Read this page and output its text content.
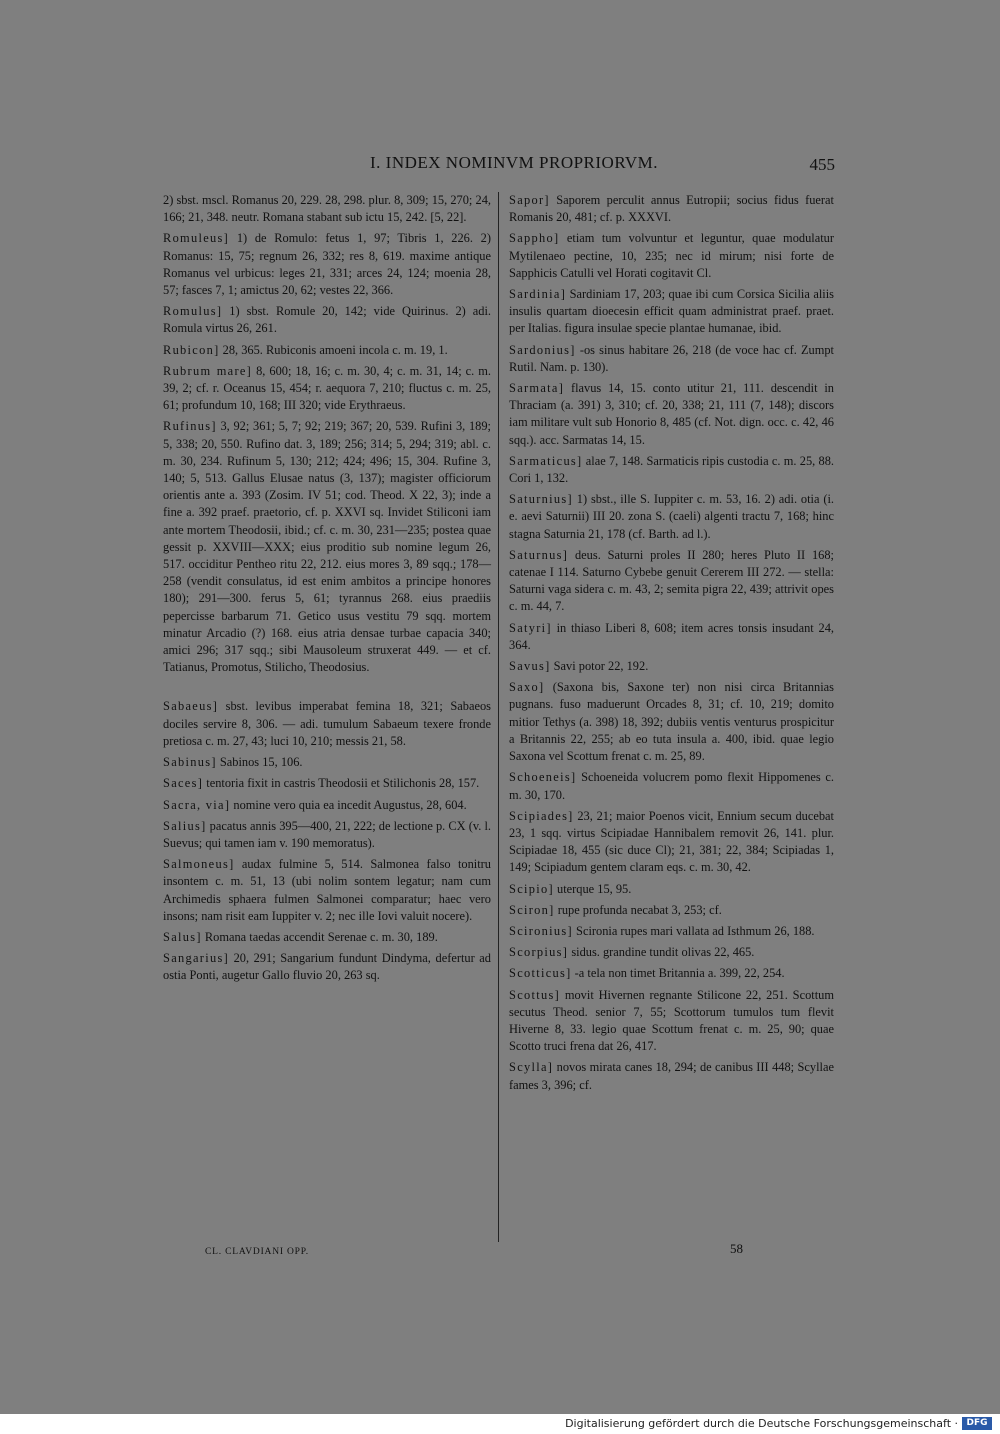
I. INDEX NOMINVM PROPRIORVM.	455
2) sbst. mscl. Romanus 20, 229. 28, 298. plur. 8, 309; 15, 270; 24, 166; 21, 348. neutr. Romana stabant sub ictu 15, 242. [5, 22].
Romuleus] 1) de Romulo: fetus 1, 97; Tibris 1, 226. 2) Romanus: 15, 75; regnum 26, 332; res 8, 619. maxime antique Romanus vel urbicus: leges 21, 331; arces 24, 124; moenia 28, 57; fasces 7, 1; amictus 20, 62; vestes 22, 366.
Romulus] 1) sbst. Romule 20, 142; vide Quirinus. 2) adi. Romula virtus 26, 261.
Rubicon] 28, 365. Rubiconis amoeni incola c. m. 19, 1.
Rubrum mare] 8, 600; 18, 16; c. m. 30, 4; c. m. 31, 14; c. m. 39, 2; cf. r. Oceanus 15, 454; r. aequora 7, 210; fluctus c. m. 25, 61; profundum 10, 168; III 320; vide Erythraeus.
Rufinus] 3, 92; 361; 5, 7; 92; 219; 367; 20, 539. Rufini 3, 189; 5, 338; 20, 550. Rufino dat. 3, 189; 256; 314; 5, 294; 319; abl. c. m. 30, 234. Rufinum 5, 130; 212; 424; 496; 15, 304. Rufine 3, 140; 5, 513. Gallus Elusae natus (3, 137); magister officiorum orientis ante a. 393 (Zosim. IV 51; cod. Theod. X 22, 3); inde a fine a. 392 praef. praetorio, cf. p. XXVI sq. Invidet Stiliconi iam ante mortem Theodosii, ibid.; cf. c. m. 30, 231—235; postea quae gessit p. XXVIII—XXX; eius proditio sub nomine legum 26, 517. occiditur Pentheo ritu 22, 212. eius mores 3, 89 sqq.; 178—258 (vendit consulatus, id est enim ambitos a principe honores 180); 291—300. ferus 5, 61; tyrannus 268. eius praediis pepercisse barbarum 71. Getico usus vestitu 79 sqq. mortem minatur Arcadio (?) 168. eius atria densae turbae capacia 340; amici 296; 317 sqq.; sibi Mausoleum struxerat 449. — et cf. Tatianus, Promotus, Stilicho, Theodosius.
Sabaeus] sbst. levibus imperabat femina 18, 321; Sabaeos dociles servire 8, 306. — adi. tumulum Sabaeum texere fronde pretiosa c. m. 27, 43; luci 10, 210; messis 21, 58.
Sabinus] Sabinos 15, 106.
Saces] tentoria fixit in castris Theodosii et Stilichonis 28, 157.
Sacra, via] nomine vero quia ea incedit Augustus, 28, 604.
Salius] pacatus annis 395—400, 21, 222; de lectione p. CX (v. l. Suevus; qui tamen iam v. 190 memoratus).
Salmoneus] audax fulmine 5, 514. Salmonea falso tonitru insontem c. m. 51, 13 (ubi nolim sontem legatur; nam cum Archimedis sphaera fulmen Salmonei comparatur; haec vero insons; nam risit eam Iuppiter v. 2; nec ille Iovi valuit nocere).
Salus] Romana taedas accendit Serenae c. m. 30, 189.
Sangarius] 20, 291; Sangarium fundunt Dindyma, defertur ad ostia Ponti, augetur Gallo fluvio 20, 263 sq.
Sapor] Saporem perculit annus Eutropii; socius fidus fuerat Romanis 20, 481; cf. p. XXXVI.
Sappho] etiam tum volvuntur et leguntur, quae modulatur Mytilenaeo pectine, 10, 235; nec id mirum; nisi forte de Sapphicis Catulli vel Horati cogitavit Cl.
Sardinia] Sardiniam 17, 203; quae ibi cum Corsica Sicilia aliis insulis quartam dioecesin efficit quam administrat praef. praet. per Italias. figura insulae specie plantae humanae, ibid.
Sardonius] -os sinus habitare 26, 218 (de voce hac cf. Zumpt Rutil. Nam. p. 130).
Sarmata] flavus 14, 15. conto utitur 21, 111. descendit in Thraciam (a. 391) 3, 310; cf. 20, 338; 21, 111 (7, 148); discors iam militare vult sub Honorio 8, 485 (cf. Not. dign. occ. c. 42, 46 sqq.). acc. Sarmatas 14, 15.
Sarmaticus] alae 7, 148. Sarmaticis ripis custodia c. m. 25, 88. Cori 1, 132.
Saturnius] 1) sbst., ille S. Iuppiter c. m. 53, 16. 2) adi. otia (i. e. aevi Saturnii) III 20. zona S. (caeli) algenti tractu 7, 168; hinc stagna Saturnia 21, 178 (cf. Barth. ad l.).
Saturnus] deus. Saturni proles II 280; heres Pluto II 168; catenae I 114. Saturno Cybebe genuit Cererem III 272. — stella: Saturni vaga sidera c. m. 43, 2; semita pigra 22, 439; attrivit opes c. m. 44, 7.
Satyri] in thiaso Liberi 8, 608; item acres tonsis insudant 24, 364.
Savus] Savi potor 22, 192.
Saxo] (Saxona bis, Saxone ter) non nisi circa Britannias pugnans. fuso maduerunt Orcades 8, 31; cf. 10, 219; domito mitior Tethys (a. 398) 18, 392; dubiis ventis venturus prospicitur a Britannis 22, 255; ab eo tuta insula a. 400, ibid. quae legio Saxona vel Scottum frenat c. m. 25, 89.
Schoeneis] Schoeneida volucrem pomo flexit Hippomenes c. m. 30, 170.
Scipiades] 23, 21; maior Poenos vicit, Ennium secum ducebat 23, 1 sqq. virtus Scipiadae Hannibalem removit 26, 141. plur. Scipiadae 18, 455 (sic duce Cl); 21, 381; 22, 384; Scipiadas 1, 149; Scipiadum gentem claram eqs. c. m. 30, 42.
Scipio] uterque 15, 95.
Sciron] rupe profunda necabat 3, 253; cf.
Scironius] Scironia rupes mari vallata ad Isthmum 26, 188.
Scorpius] sidus. grandine tundit olivas 22, 465.
Scotticus] -a tela non timet Britannia a. 399, 22, 254.
Scottus] movit Hivernen regnante Stilicone 22, 251. Scottum secutus Theod. senior 7, 55; Scottorum tumulos tum flevit Hiverne 8, 33. legio quae Scottum frenat c. m. 25, 90; quae Scotto truci frena dat 26, 417.
Scylla] novos mirata canes 18, 294; de canibus III 448; Scyllae fames 3, 396; cf.
CL. CLAVDIANI OPP.	58
Digitalisierung gefördert durch die Deutsche Forschungsgemeinschaft · DFG
